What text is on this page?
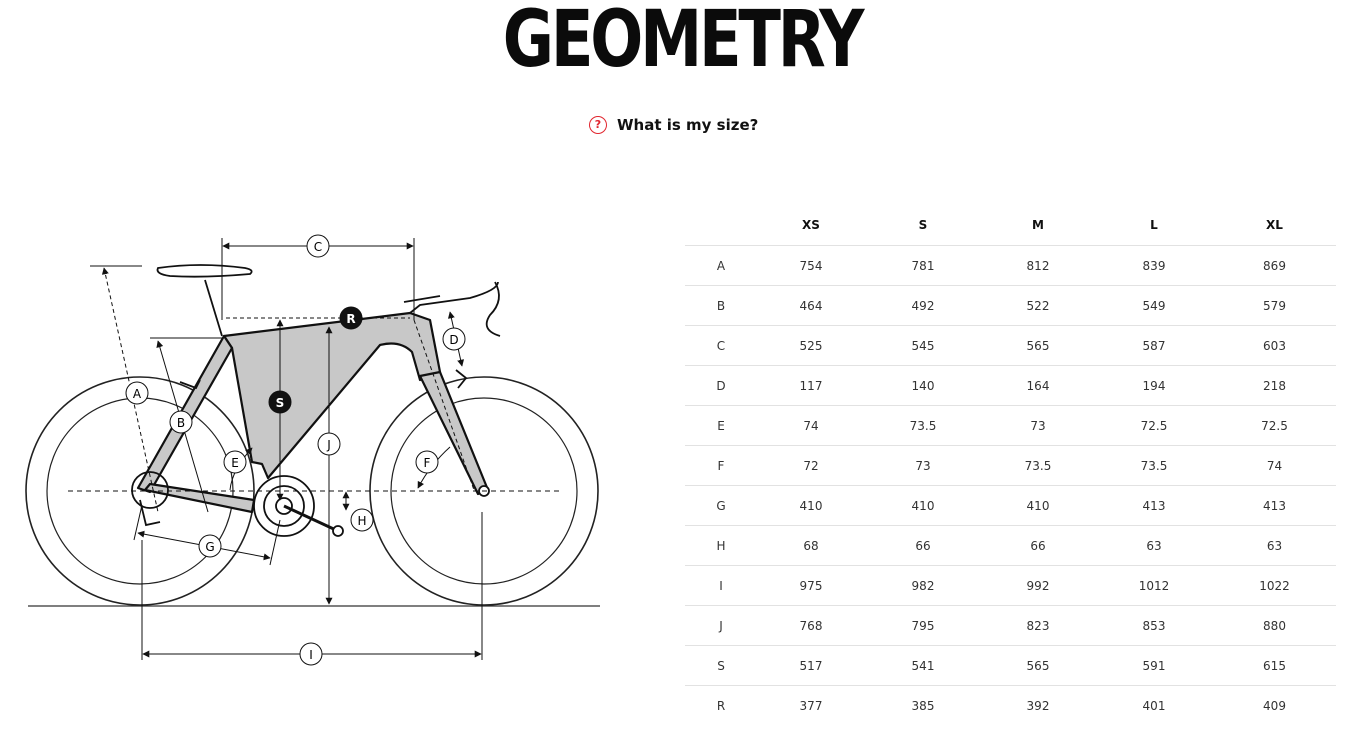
GEOMETRY
?	What is my size?
C
A
B
E
D
F
J
H
G
I
R
S
	XS	S	M	L	XL
A	754	781	812	839	869
B	464	492	522	549	579
C	525	545	565	587	603
D	117	140	164	194	218
E	74	73.5	73	72.5	72.5
F	72	73	73.5	73.5	74
G	410	410	410	413	413
H	68	66	66	63	63
I	975	982	992	1012	1022
J	768	795	823	853	880
S	517	541	565	591	615
R	377	385	392	401	409
